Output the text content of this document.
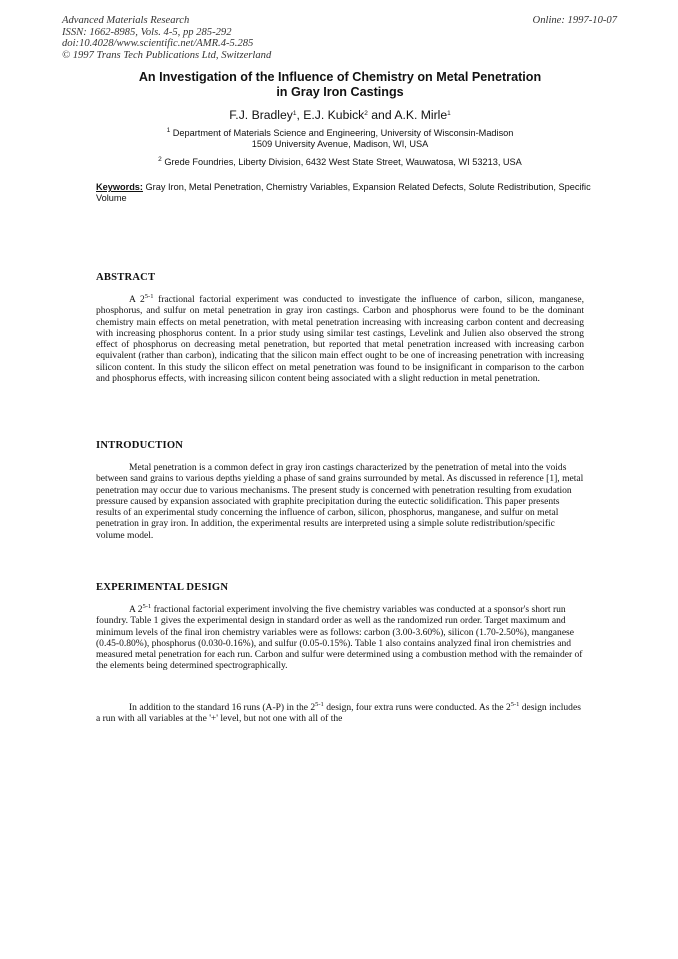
Advanced Materials Research
ISSN: 1662-8985, Vols. 4-5, pp 285-292
doi:10.4028/www.scientific.net/AMR.4-5.285
© 1997 Trans Tech Publications Ltd, Switzerland
Online: 1997-10-07
An Investigation of the Influence of Chemistry on Metal Penetration
in Gray Iron Castings
F.J. Bradley$^1$, E.J. Kubick$^2$ and A.K. Mirle$^1$
$^1$ Department of Materials Science and Engineering, University of Wisconsin-Madison
1509 University Avenue, Madison, WI, USA
$^2$ Grede Foundries, Liberty Division, 6432 West State Street, Wauwatosa, WI 53213, USA
Keywords: Gray Iron, Metal Penetration, Chemistry Variables, Expansion Related Defects, Solute Redistribution, Specific Volume
ABSTRACT
A 2$^{5-1}$ fractional factorial experiment was conducted to investigate the influence of carbon, silicon, manganese, phosphorus, and sulfur on metal penetration in gray iron castings. Carbon and phosphorus were found to be the dominant chemistry main effects on metal penetration, with metal penetration increasing with increasing carbon content and decreasing with increasing phosphorus content. In a prior study using similar test castings, Levelink and Julien also observed the strong effect of phosphorus on decreasing metal penetration, but reported that metal penetration increased with increasing carbon equivalent (rather than carbon), indicating that the silicon main effect ought to be one of increasing penetration with increasing silicon content. In this study the silicon effect on metal penetration was found to be insignificant in comparison to the carbon and phosphorus effects, with increasing silicon content being associated with a slight reduction in metal penetration.
INTRODUCTION
Metal penetration is a common defect in gray iron castings characterized by the penetration of metal into the voids between sand grains to various depths yielding a phase of sand grains surrounded by metal. As discussed in reference [1], metal penetration may occur due to various mechanisms. The present study is concerned with penetration resulting from exudation pressure caused by expansion associated with graphite precipitation during the eutectic solidification. This paper presents results of an experimental study concerning the influence of carbon, silicon, phosphorus, manganese, and sulfur on metal penetration in gray iron. In addition, the experimental results are interpreted using a simple solute redistribution/specific volume model.
EXPERIMENTAL DESIGN
A 2$^{5-1}$ fractional factorial experiment involving the five chemistry variables was conducted at a sponsor's short run foundry. Table 1 gives the experimental design in standard order as well as the randomized run order. Target maximum and minimum levels of the final iron chemistry variables were as follows: carbon (3.00-3.60%), silicon (1.70-2.50%), manganese (0.45-0.80%), phosphorus (0.030-0.16%), and sulfur (0.05-0.15%). Table 1 also contains analyzed final iron chemistries and measured metal penetration for each run. Carbon and sulfur were determined using a combustion method with the remainder of the elements being determined spectrographically.
In addition to the standard 16 runs (A-P) in the 2$^{5-1}$ design, four extra runs were conducted. As the 2$^{5-1}$ design includes a run with all variables at the '+' level, but not one with all of the
